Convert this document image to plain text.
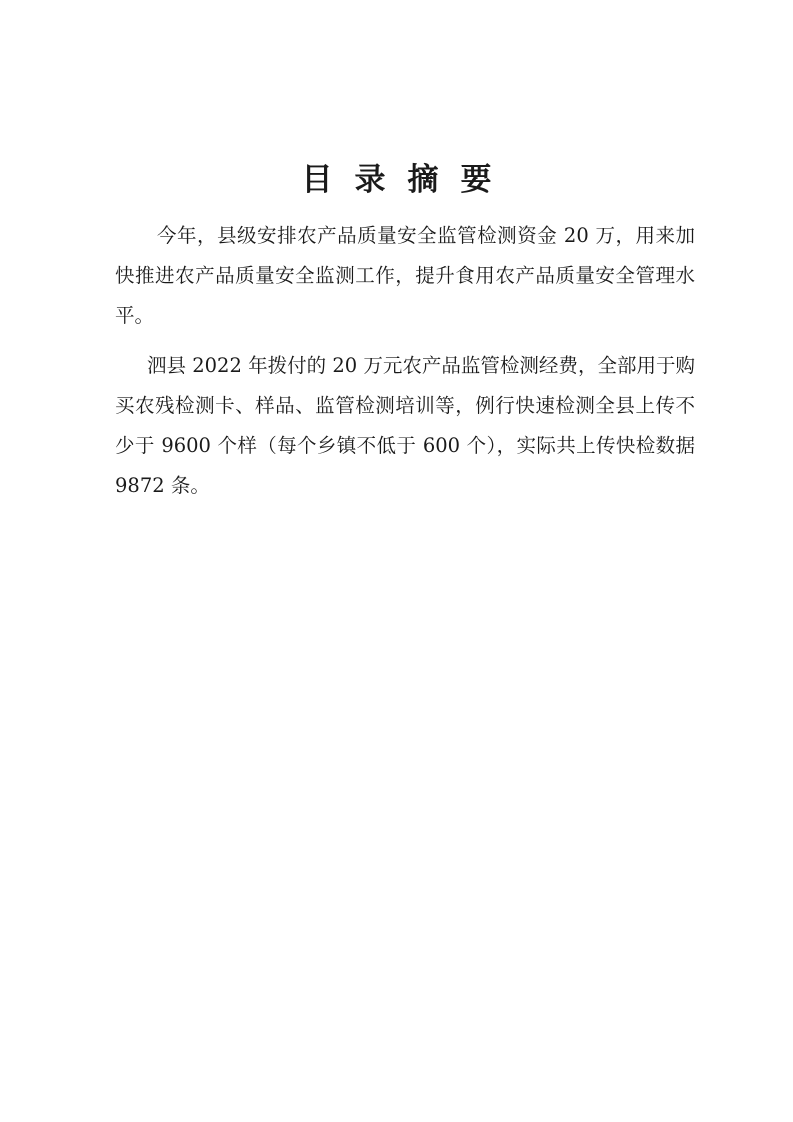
目录摘要

今年，县级安排农产品质量安全监管检测资金 20 万，用来加快推进农产品质量安全监测工作，提升食用农产品质量安全管理水平。

泗县 2022 年拨付的 20 万元农产品监管检测经费，全部用于购买农残检测卡、样品、监管检测培训等，例行快速检测全县上传不少于 9600 个样（每个乡镇不低于 600 个），实际共上传快检数据 9872 条。
